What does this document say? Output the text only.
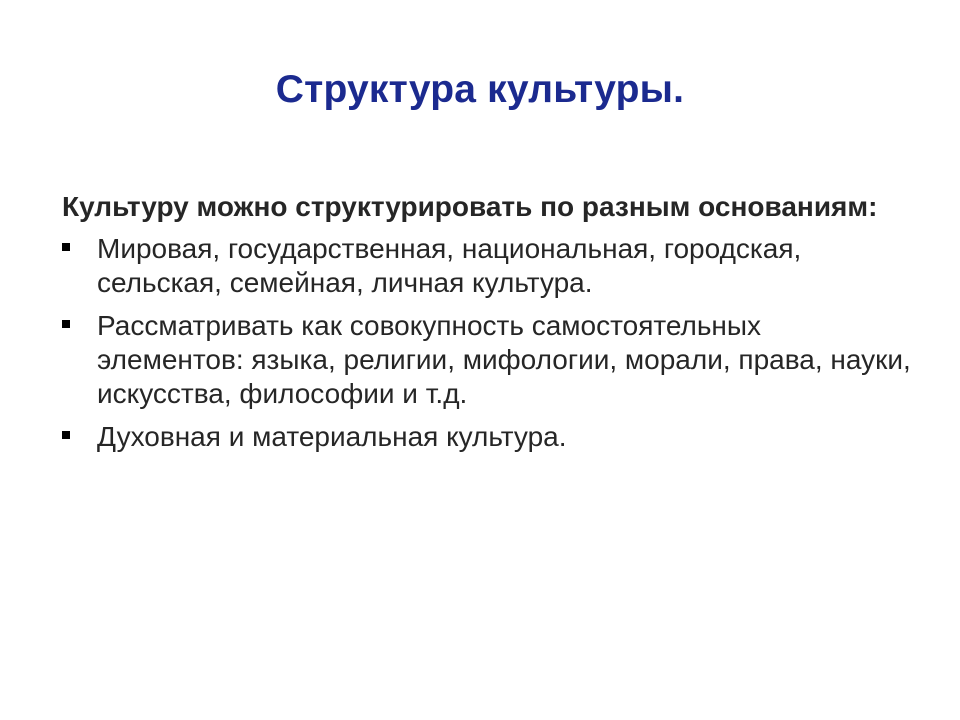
Структура культуры.

Культуру можно структурировать по разным основаниям:

Мировая, государственная, национальная, городская, сельская, семейная, личная культура.
Рассматривать как совокупность самостоятельных элементов: языка, религии, мифологии, морали, права, науки, искусства, философии и т.д.
Духовная и материальная культура.
